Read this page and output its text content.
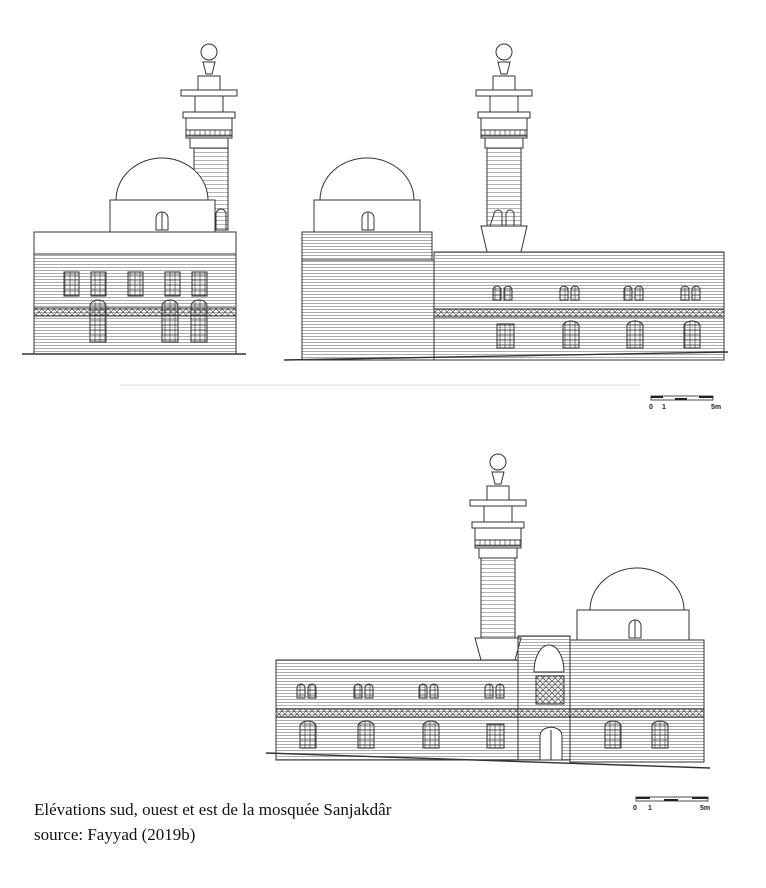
0 1	5m
0 1	5m
Elévations sud, ouest et est de la mosquée Sanjakdâr
source: Fayyad (2019b)
